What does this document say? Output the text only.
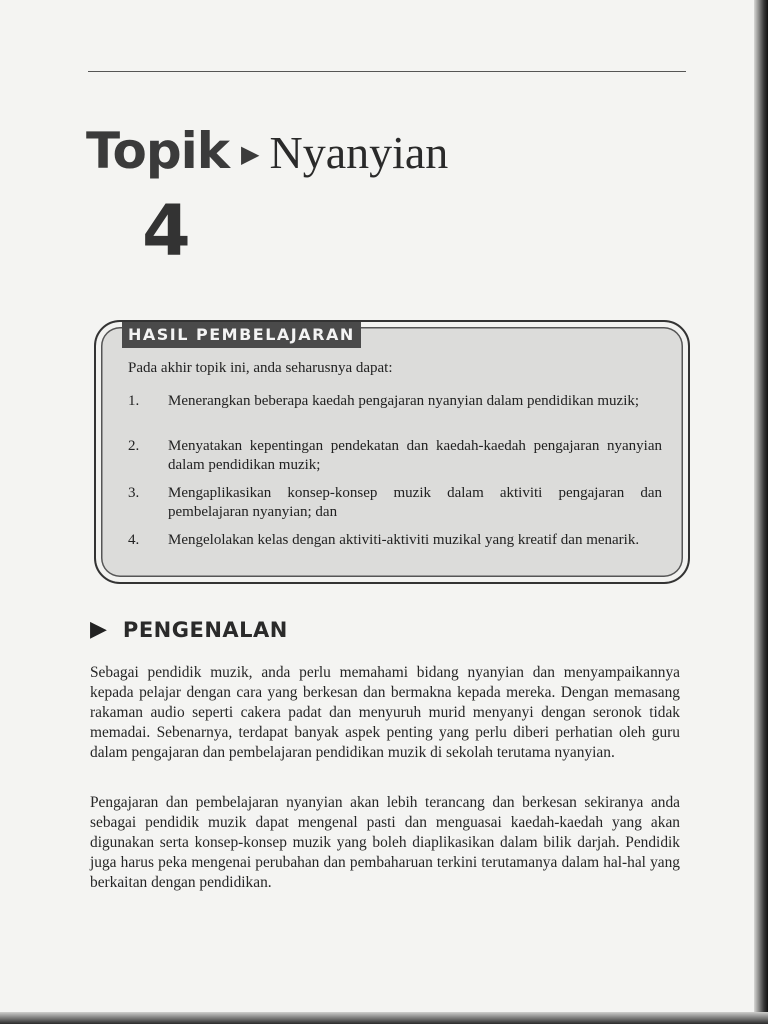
Topik ▶ Nyanyian
4
HASIL PEMBELAJARAN
Pada akhir topik ini, anda seharusnya dapat:
1.	Menerangkan beberapa kaedah pengajaran nyanyian dalam pendidikan muzik;
2.	Menyatakan kepentingan pendekatan dan kaedah-kaedah pengajaran nyanyian dalam pendidikan muzik;
3.	Mengaplikasikan konsep-konsep muzik dalam aktiviti pengajaran dan pembelajaran nyanyian; dan
4.	Mengelolakan kelas dengan aktiviti-aktiviti muzikal yang kreatif dan menarik.
▶ PENGENALAN

Sebagai pendidik muzik, anda perlu memahami bidang nyanyian dan menyampaikannya kepada pelajar dengan cara yang berkesan dan bermakna kepada mereka. Dengan memasang rakaman audio seperti cakera padat dan menyuruh murid menyanyi dengan seronok tidak memadai. Sebenarnya, terdapat banyak aspek penting yang perlu diberi perhatian oleh guru dalam pengajaran dan pembelajaran pendidikan muzik di sekolah terutama nyanyian.

Pengajaran dan pembelajaran nyanyian akan lebih terancang dan berkesan sekiranya anda sebagai pendidik muzik dapat mengenal pasti dan menguasai kaedah-kaedah yang akan digunakan serta konsep-konsep muzik yang boleh diaplikasikan dalam bilik darjah. Pendidik juga harus peka mengenai perubahan dan pembaharuan terkini terutamanya dalam hal-hal yang berkaitan dengan pendidikan.
